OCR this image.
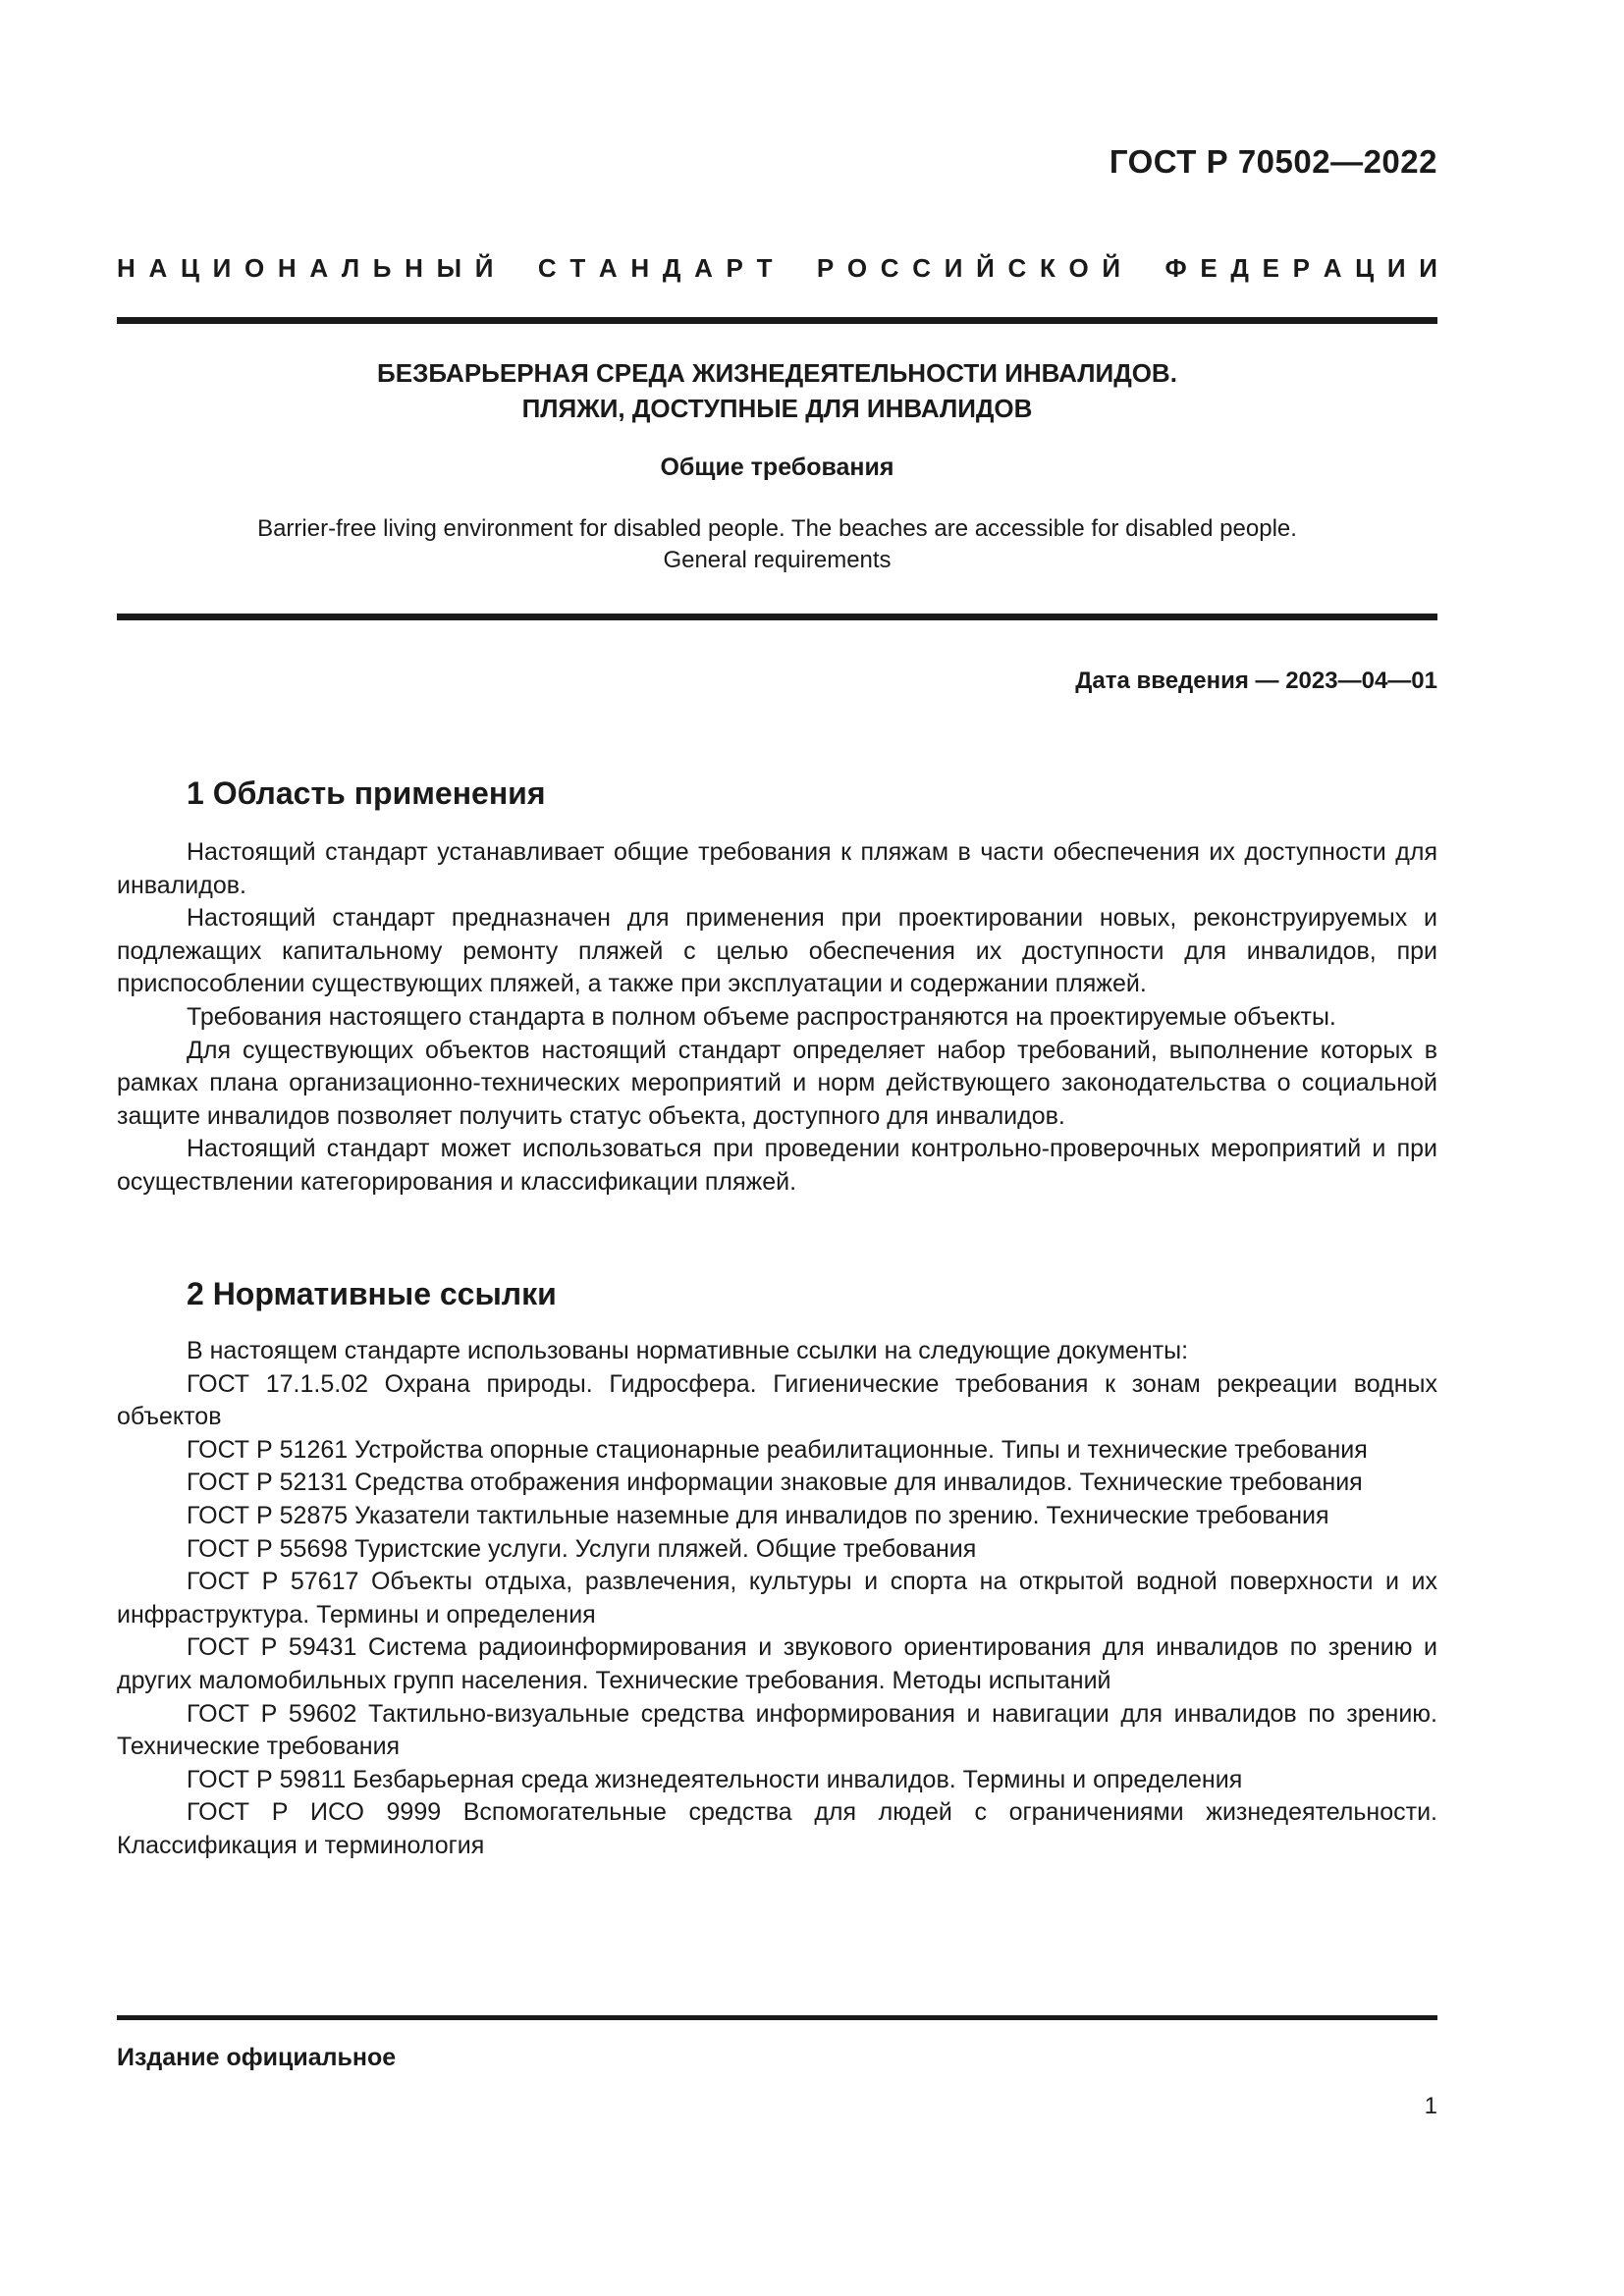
ГОСТ Р 70502—2022
Н А Ц И О Н А Л Ь Н Ы Й С Т А Н Д А Р Т Р О С С И Й С К О Й Ф Е Д Е Р А Ц И И
БЕЗБАРЬЕРНАЯ СРЕДА ЖИЗНЕДЕЯТЕЛЬНОСТИ ИНВАЛИДОВ.
ПЛЯЖИ, ДОСТУПНЫЕ ДЛЯ ИНВАЛИДОВ
Общие требования
Barrier-free living environment for disabled people. The beaches are accessible for disabled people.
General requirements
Дата введения — 2023—04—01
1 Область применения

Настоящий стандарт устанавливает общие требования к пляжам в части обеспечения их доступности для инвалидов.

Настоящий стандарт предназначен для применения при проектировании новых, реконструируемых и подлежащих капитальному ремонту пляжей с целью обеспечения их доступности для инвалидов, при приспособлении существующих пляжей, а также при эксплуатации и содержании пляжей.

Требования настоящего стандарта в полном объеме распространяются на проектируемые объекты.

Для существующих объектов настоящий стандарт определяет набор требований, выполнение которых в рамках плана организационно-технических мероприятий и норм действующего законодательства о социальной защите инвалидов позволяет получить статус объекта, доступного для инвалидов.

Настоящий стандарт может использоваться при проведении контрольно-проверочных мероприятий и при осуществлении категорирования и классификации пляжей.

2 Нормативные ссылки

В настоящем стандарте использованы нормативные ссылки на следующие документы:

ГОСТ 17.1.5.02 Охрана природы. Гидросфера. Гигиенические требования к зонам рекреации водных объектов

ГОСТ Р 51261 Устройства опорные стационарные реабилитационные. Типы и технические требования

ГОСТ Р 52131 Средства отображения информации знаковые для инвалидов. Технические требования

ГОСТ Р 52875 Указатели тактильные наземные для инвалидов по зрению. Технические требования

ГОСТ Р 55698 Туристские услуги. Услуги пляжей. Общие требования

ГОСТ Р 57617 Объекты отдыха, развлечения, культуры и спорта на открытой водной поверхности и их инфраструктура. Термины и определения

ГОСТ Р 59431 Система радиоинформирования и звукового ориентирования для инвалидов по зрению и других маломобильных групп населения. Технические требования. Методы испытаний

ГОСТ Р 59602 Тактильно-визуальные средства информирования и навигации для инвалидов по зрению. Технические требования

ГОСТ Р 59811 Безбарьерная среда жизнедеятельности инвалидов. Термины и определения

ГОСТ Р ИСО 9999 Вспомогательные средства для людей с ограничениями жизнедеятельности. Классификация и терминология

Издание официальное
1
